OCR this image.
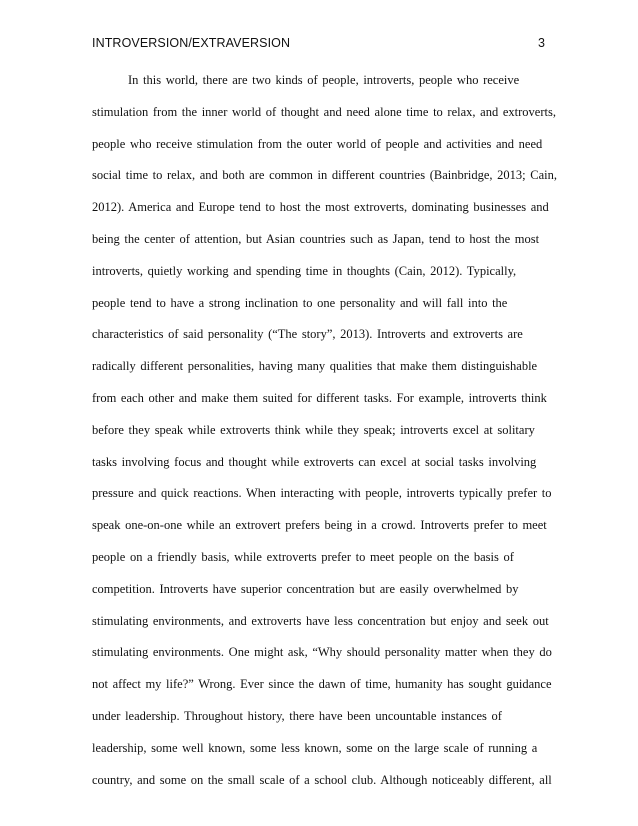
INTROVERSION/EXTRAVERSION	3
In this world, there are two kinds of people, introverts, people who receive
stimulation from the inner world of thought and need alone time to relax, and extroverts,
people who receive stimulation from the outer world of people and activities and need
social time to relax, and both are common in different countries (Bainbridge, 2013; Cain,
2012). America and Europe tend to host the most extroverts, dominating businesses and
being the center of attention, but Asian countries such as Japan, tend to host the most
introverts, quietly working and spending time in thoughts (Cain, 2012). Typically,
people tend to have a strong inclination to one personality and will fall into the
characteristics of said personality (“The story”, 2013). Introverts and extroverts are
radically different personalities, having many qualities that make them distinguishable
from each other and make them suited for different tasks. For example, introverts think
before they speak while extroverts think while they speak; introverts excel at solitary
tasks involving focus and thought while extroverts can excel at social tasks involving
pressure and quick reactions. When interacting with people, introverts typically prefer to
speak one-on-one while an extrovert prefers being in a crowd. Introverts prefer to meet
people on a friendly basis, while extroverts prefer to meet people on the basis of
competition. Introverts have superior concentration but are easily overwhelmed by
stimulating environments, and extroverts have less concentration but enjoy and seek out
stimulating environments. One might ask, “Why should personality matter when they do
not affect my life?” Wrong. Ever since the dawn of time, humanity has sought guidance
under leadership. Throughout history, there have been uncountable instances of
leadership, some well known, some less known, some on the large scale of running a
country, and some on the small scale of a school club. Although noticeably different, all
